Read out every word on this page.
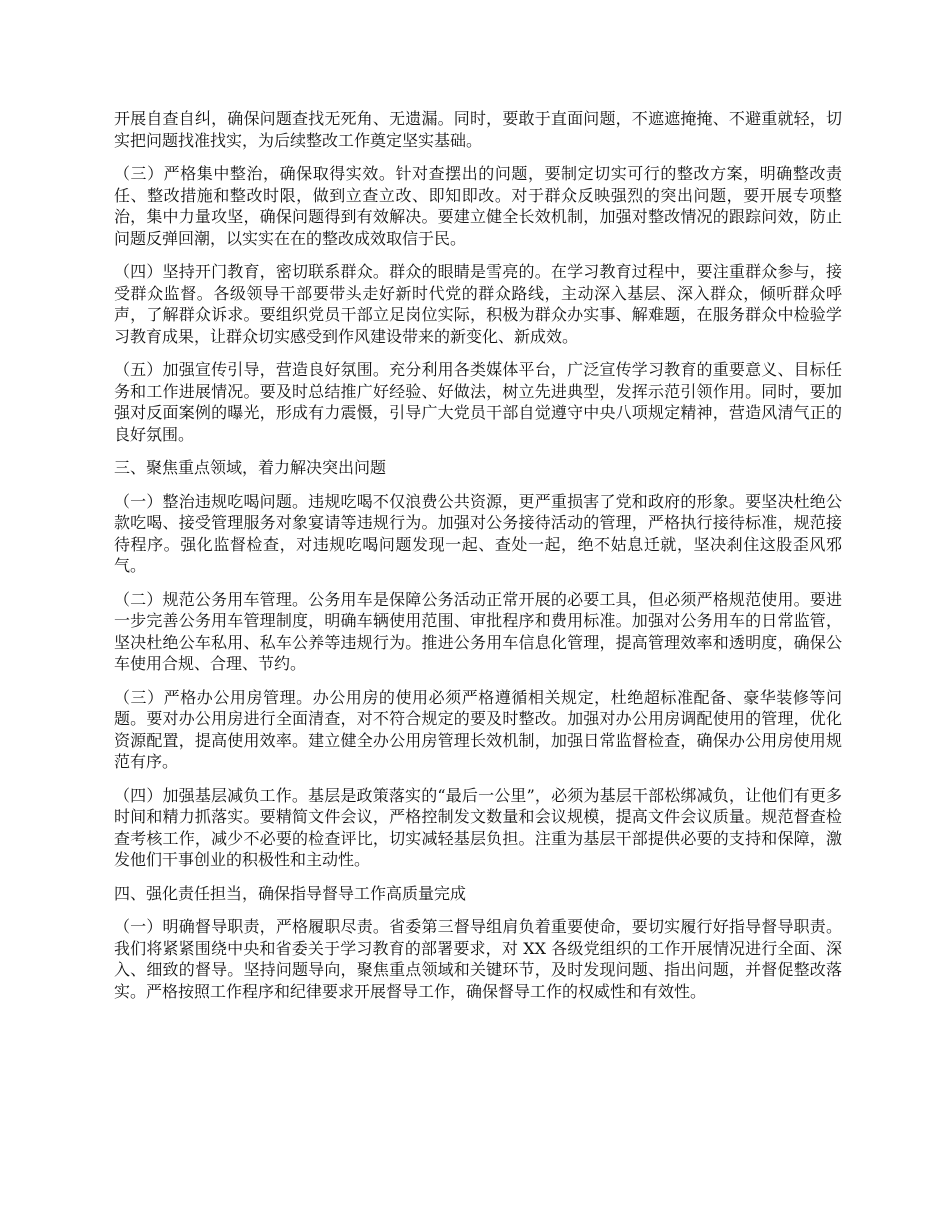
开展自查自纠，确保问题查找无死角、无遗漏。同时，要敢于直面问题，不遮遮掩掩、不避重就轻，切实把问题找准找实，为后续整改工作奠定坚实基础。

（三）严格集中整治，确保取得实效。针对查摆出的问题，要制定切实可行的整改方案，明确整改责任、整改措施和整改时限，做到立查立改、即知即改。对于群众反映强烈的突出问题，要开展专项整治，集中力量攻坚，确保问题得到有效解决。要建立健全长效机制，加强对整改情况的跟踪问效，防止问题反弹回潮，以实实在在的整改成效取信于民。

（四）坚持开门教育，密切联系群众。群众的眼睛是雪亮的。在学习教育过程中，要注重群众参与，接受群众监督。各级领导干部要带头走好新时代党的群众路线，主动深入基层、深入群众，倾听群众呼声，了解群众诉求。要组织党员干部立足岗位实际，积极为群众办实事、解难题，在服务群众中检验学习教育成果，让群众切实感受到作风建设带来的新变化、新成效。

（五）加强宣传引导，营造良好氛围。充分利用各类媒体平台，广泛宣传学习教育的重要意义、目标任务和工作进展情况。要及时总结推广好经验、好做法，树立先进典型，发挥示范引领作用。同时，要加强对反面案例的曝光，形成有力震慑，引导广大党员干部自觉遵守中央八项规定精神，营造风清气正的良好氛围。

三、聚焦重点领域，着力解决突出问题

（一）整治违规吃喝问题。违规吃喝不仅浪费公共资源，更严重损害了党和政府的形象。要坚决杜绝公款吃喝、接受管理服务对象宴请等违规行为。加强对公务接待活动的管理，严格执行接待标准，规范接待程序。强化监督检查，对违规吃喝问题发现一起、查处一起，绝不姑息迁就，坚决刹住这股歪风邪气。

（二）规范公务用车管理。公务用车是保障公务活动正常开展的必要工具，但必须严格规范使用。要进一步完善公务用车管理制度，明确车辆使用范围、审批程序和费用标准。加强对公务用车的日常监管，坚决杜绝公车私用、私车公养等违规行为。推进公务用车信息化管理，提高管理效率和透明度，确保公车使用合规、合理、节约。

（三）严格办公用房管理。办公用房的使用必须严格遵循相关规定，杜绝超标准配备、豪华装修等问题。要对办公用房进行全面清查，对不符合规定的要及时整改。加强对办公用房调配使用的管理，优化资源配置，提高使用效率。建立健全办公用房管理长效机制，加强日常监督检查，确保办公用房使用规范有序。

（四）加强基层减负工作。基层是政策落实的“最后一公里”，必须为基层干部松绑减负，让他们有更多时间和精力抓落实。要精简文件会议，严格控制发文数量和会议规模，提高文件会议质量。规范督查检查考核工作，减少不必要的检查评比，切实减轻基层负担。注重为基层干部提供必要的支持和保障，激发他们干事创业的积极性和主动性。

四、强化责任担当，确保指导督导工作高质量完成

（一）明确督导职责，严格履职尽责。省委第三督导组肩负着重要使命，要切实履行好指导督导职责。我们将紧紧围绕中央和省委关于学习教育的部署要求，对 XX 各级党组织的工作开展情况进行全面、深入、细致的督导。坚持问题导向，聚焦重点领域和关键环节，及时发现问题、指出问题，并督促整改落实。严格按照工作程序和纪律要求开展督导工作，确保督导工作的权威性和有效性。
